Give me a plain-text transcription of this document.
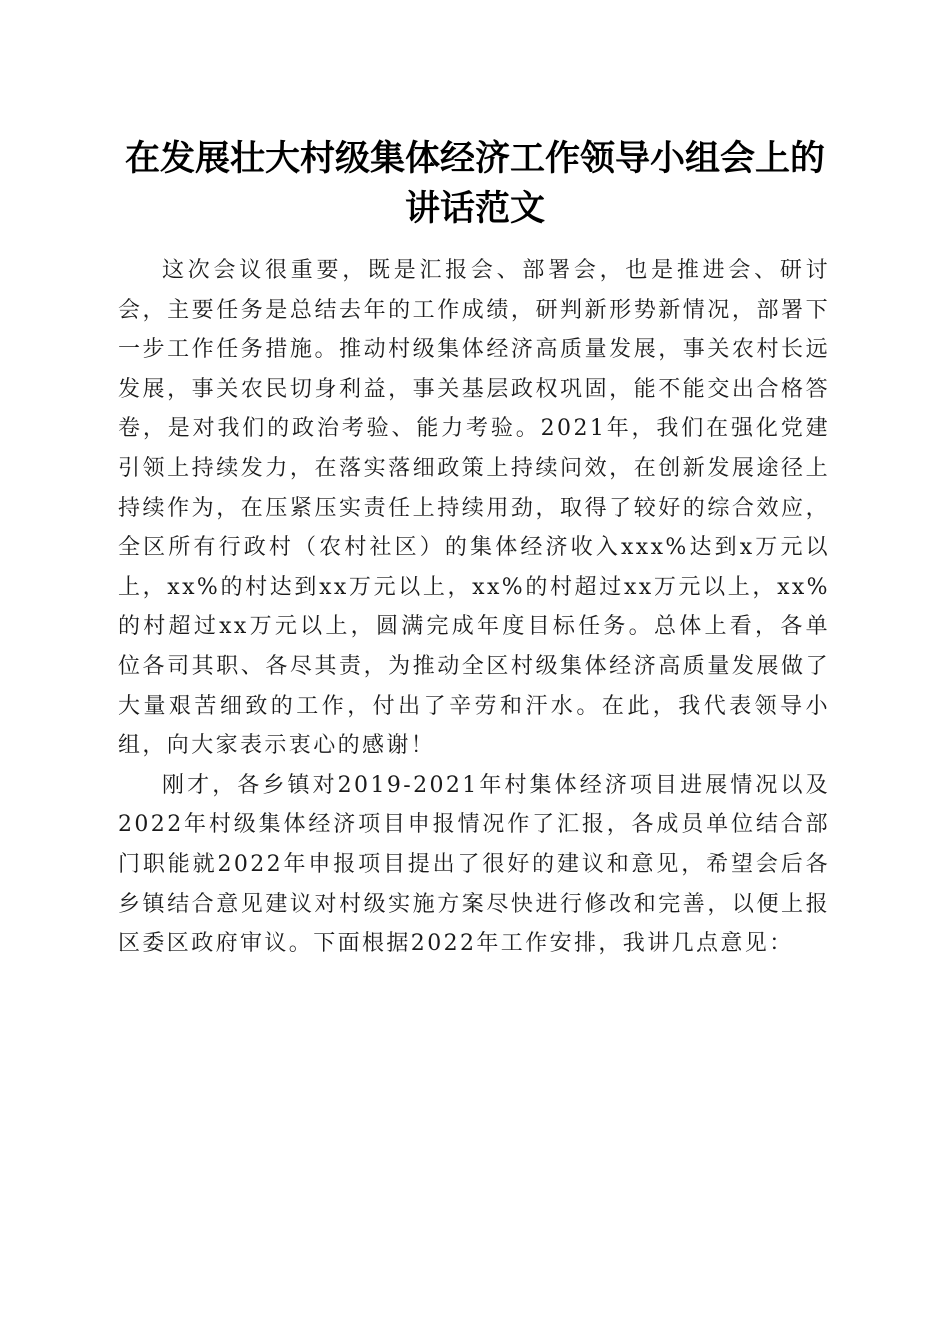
在发展壮大村级集体经济工作领导小组会上的
讲话范文

这次会议很重要，既是汇报会、部署会，也是推进会、研讨会，主要任务是总结去年的工作成绩，研判新形势新情况，部署下一步工作任务措施。推动村级集体经济高质量发展，事关农村长远发展，事关农民切身利益，事关基层政权巩固，能不能交出合格答卷，是对我们的政治考验、能力考验。2021年，我们在强化党建引领上持续发力，在落实落细政策上持续问效，在创新发展途径上持续作为，在压紧压实责任上持续用劲，取得了较好的综合效应，全区所有行政村（农村社区）的集体经济收入xxx%达到x万元以上，xx%的村达到xx万元以上，xx%的村超过xx万元以上，xx%的村超过xx万元以上，圆满完成年度目标任务。总体上看，各单位各司其职、各尽其责，为推动全区村级集体经济高质量发展做了大量艰苦细致的工作，付出了辛劳和汗水。在此，我代表领导小组，向大家表示衷心的感谢！

刚才，各乡镇对2019-2021年村集体经济项目进展情况以及2022年村级集体经济项目申报情况作了汇报，各成员单位结合部门职能就2022年申报项目提出了很好的建议和意见，希望会后各乡镇结合意见建议对村级实施方案尽快进行修改和完善，以便上报区委区政府审议。下面根据2022年工作安排，我讲几点意见：
